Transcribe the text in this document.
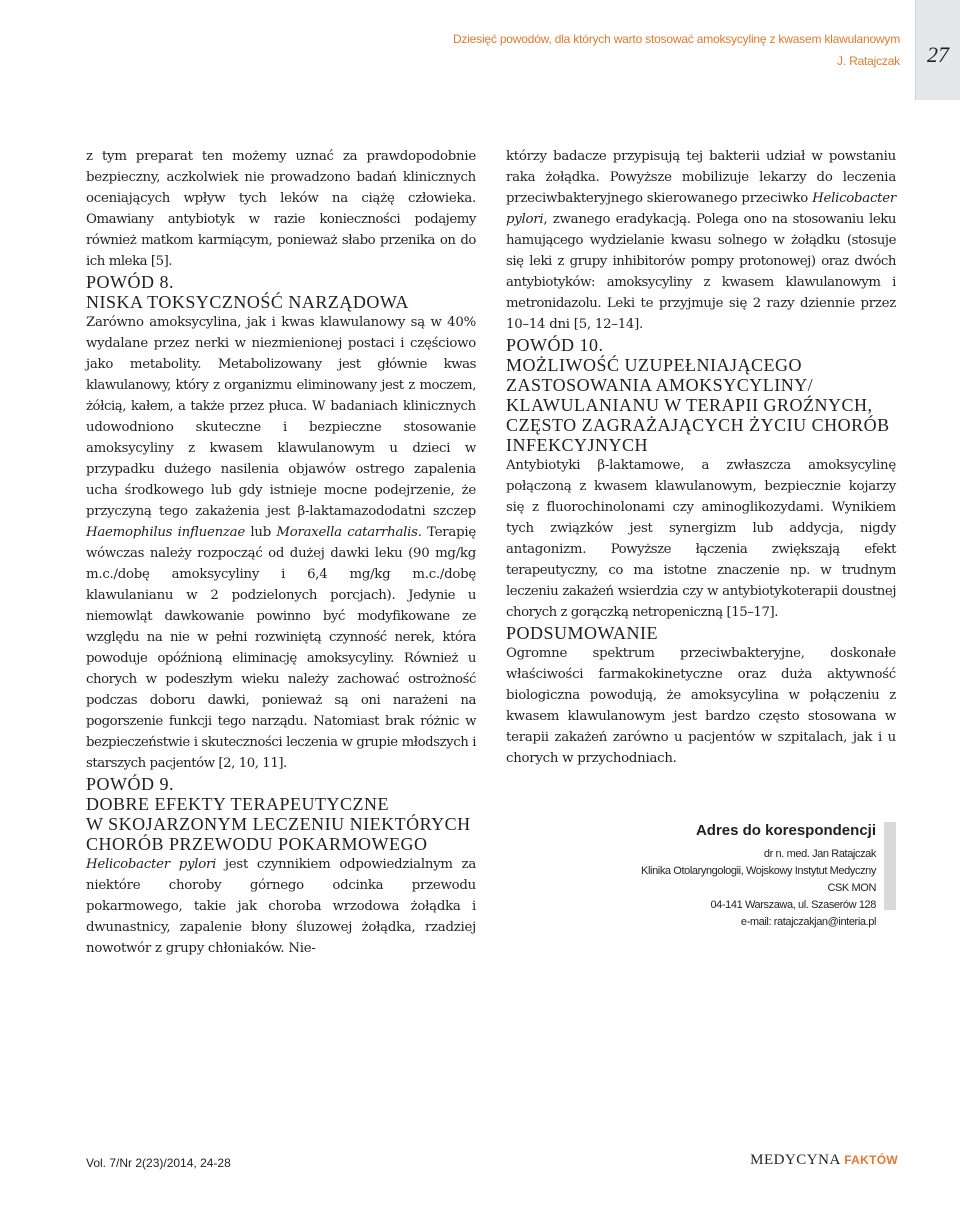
Dziesięć powodów, dla których warto stosować amoksycylinę z kwasem klawulanowym
J. Ratajczak	27

z tym preparat ten możemy uznać za prawdopodobnie bezpieczny, aczkolwiek nie prowadzono badań klinicznych oceniających wpływ tych leków na ciążę człowieka. Omawiany antybiotyk w razie konieczności podajemy również matkom karmiącym, ponieważ słabo przenika on do ich mleka [5].

POWÓD 8.
NISKA TOKSYCZNOŚĆ NARZĄDOWA

Zarówno amoksycylina, jak i kwas klawulanowy są w 40% wydalane przez nerki w niezmienionej postaci i częściowo jako metabolity. Metabolizowany jest głównie kwas klawulanowy, który z organizmu eliminowany jest z moczem, żółcią, kałem, a także przez płuca. W badaniach klinicznych udowodniono skuteczne i bezpieczne stosowanie amoksycyliny z kwasem klawulanowym u dzieci w przypadku dużego nasilenia objawów ostrego zapalenia ucha środkowego lub gdy istnieje mocne podejrzenie, że przyczyną tego zakażenia jest β-laktamazododatni szczep Haemophilus influenzae lub Moraxella catarrhalis. Terapię wówczas należy rozpocząć od dużej dawki leku (90 mg/kg m.c./dobę amoksycyliny i 6,4 mg/kg m.c./dobę klawulanianu w 2 podzielonych porcjach). Jedynie u niemowląt dawkowanie powinno być modyfikowane ze względu na nie w pełni rozwiniętą czynność nerek, która powoduje opóźnioną eliminację amoksycyliny. Również u chorych w podeszłym wieku należy zachować ostrożność podczas doboru dawki, ponieważ są oni narażeni na pogorszenie funkcji tego narządu. Natomiast brak różnic w bezpieczeństwie i skuteczności leczenia w grupie młodszych i starszych pacjentów [2, 10, 11].

POWÓD 9.
DOBRE EFEKTY TERAPEUTYCZNE
W SKOJARZONYM LECZENIU NIEKTÓRYCH
CHORÓB PRZEWODU POKARMOWEGO

Helicobacter pylori jest czynnikiem odpowiedzialnym za niektóre choroby górnego odcinka przewodu pokarmowego, takie jak choroba wrzodowa żołądka i dwunastnicy, zapalenie błony śluzowej żołądka, rzadziej nowotwór z grupy chłoniaków. Nie-

którzy badacze przypisują tej bakterii udział w powstaniu raka żołądka. Powyższe mobilizuje lekarzy do leczenia przeciwbakteryjnego skierowanego przeciwko Helicobacter pylori, zwanego eradykacją. Polega ono na stosowaniu leku hamującego wydzielanie kwasu solnego w żołądku (stosuje się leki z grupy inhibitorów pompy protonowej) oraz dwóch antybiotyków: amoksycyliny z kwasem klawulanowym i metronidazolu. Leki te przyjmuje się 2 razy dziennie przez 10–14 dni [5, 12–14].

POWÓD 10.
MOŻLIWOŚĆ UZUPEŁNIAJĄCEGO
ZASTOSOWANIA AMOKSYCYLINY/
KLAWULANIANU W TERAPII GROŹNYCH,
CZĘSTO ZAGRAŻAJĄCYCH ŻYCIU CHORÓB
INFEKCYJNYCH

Antybiotyki β-laktamowe, a zwłaszcza amoksycylinę połączoną z kwasem klawulanowym, bezpiecznie kojarzy się z fluorochinolonami czy aminoglikozydami. Wynikiem tych związków jest synergizm lub addycja, nigdy antagonizm. Powyższe łączenia zwiększają efekt terapeutyczny, co ma istotne znaczenie np. w trudnym leczeniu zakażeń wsierdzia czy w antybiotykoterapii doustnej chorych z gorączką netropeniczną [15–17].

PODSUMOWANIE

Ogromne spektrum przeciwbakteryjne, doskonałe właściwości farmakokinetyczne oraz duża aktywność biologiczna powodują, że amoksycylina w połączeniu z kwasem klawulanowym jest bardzo często stosowana w terapii zakażeń zarówno u pacjentów w szpitalach, jak i u chorych w przychodniach.

Adres do korespondencji
dr n. med. Jan Ratajczak
Klinika Otolaryngologii, Wojskowy Instytut Medyczny CSK MON
04-141 Warszawa, ul. Szaserów 128
e-mail: ratajczakjan@interia.pl
Vol. 7/Nr 2(23)/2014, 24-28	MEDYCYNA FAKTÓW
